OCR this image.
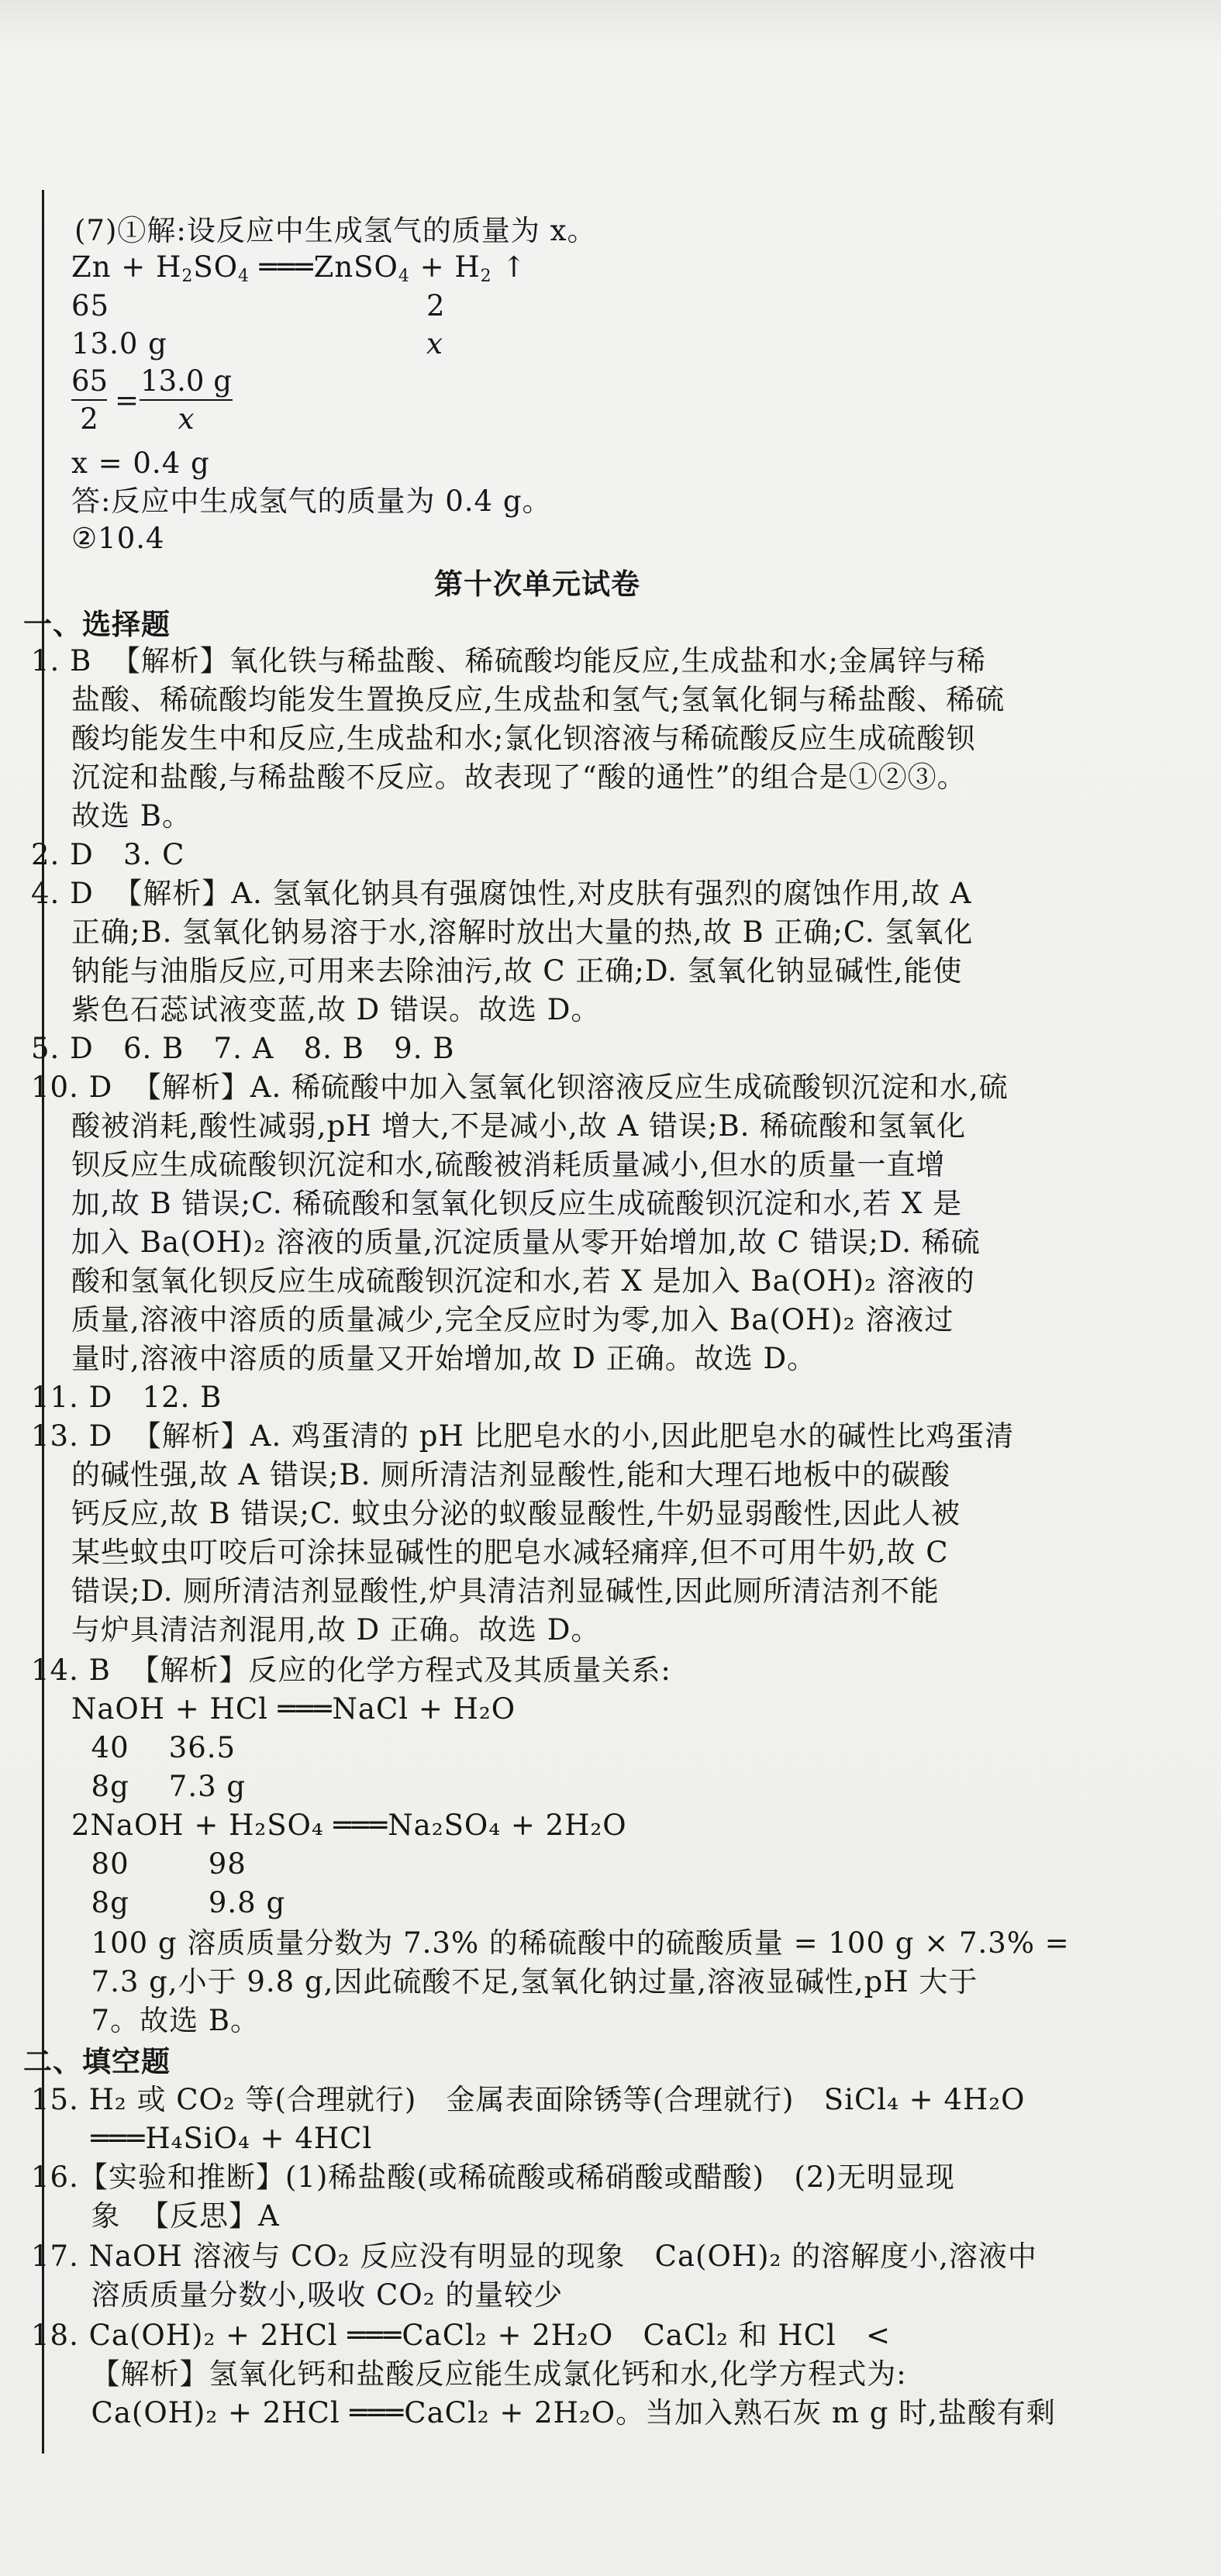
(7)①解:设反应中生成氢气的质量为 x。
$Zn + H_2SO_4$ ═══ZnSO$_4$ + $H_2$ ↑
65	2
13.0 g	x
65
2
=
13.0 g
x
x = 0.4 g
答:反应中生成氢气的质量为 0.4 g。
②10.4
第十次单元试卷
一、选择题
1. B  【解析】氧化铁与稀盐酸、稀硫酸均能反应,生成盐和水;金属锌与稀
盐酸、稀硫酸均能发生置换反应,生成盐和氢气;氢氧化铜与稀盐酸、稀硫
酸均能发生中和反应,生成盐和水;氯化钡溶液与稀硫酸反应生成硫酸钡
沉淀和盐酸,与稀盐酸不反应。故表现了“酸的通性”的组合是①②③。
故选 B。
2. D   3. C
4. D  【解析】A. 氢氧化钠具有强腐蚀性,对皮肤有强烈的腐蚀作用,故 A
正确;B. 氢氧化钠易溶于水,溶解时放出大量的热,故 B 正确;C. 氢氧化
钠能与油脂反应,可用来去除油污,故 C 正确;D. 氢氧化钠显碱性,能使
紫色石蕊试液变蓝,故 D 错误。故选 D。
5. D   6. B   7. A   8. B   9. B
10. D  【解析】A. 稀硫酸中加入氢氧化钡溶液反应生成硫酸钡沉淀和水,硫
酸被消耗,酸性减弱,pH 增大,不是减小,故 A 错误;B. 稀硫酸和氢氧化
钡反应生成硫酸钡沉淀和水,硫酸被消耗质量减小,但水的质量一直增
加,故 B 错误;C. 稀硫酸和氢氧化钡反应生成硫酸钡沉淀和水,若 X 是
加入 Ba(OH)₂ 溶液的质量,沉淀质量从零开始增加,故 C 错误;D. 稀硫
酸和氢氧化钡反应生成硫酸钡沉淀和水,若 X 是加入 Ba(OH)₂ 溶液的
质量,溶液中溶质的质量减少,完全反应时为零,加入 Ba(OH)₂ 溶液过
量时,溶液中溶质的质量又开始增加,故 D 正确。故选 D。
11. D   12. B
13. D  【解析】A. 鸡蛋清的 pH 比肥皂水的小,因此肥皂水的碱性比鸡蛋清
的碱性强,故 A 错误;B. 厕所清洁剂显酸性,能和大理石地板中的碳酸
钙反应,故 B 错误;C. 蚊虫分泌的蚁酸显酸性,牛奶显弱酸性,因此人被
某些蚊虫叮咬后可涂抹显碱性的肥皂水减轻痛痒,但不可用牛奶,故 C
错误;D. 厕所清洁剂显酸性,炉具清洁剂显碱性,因此厕所清洁剂不能
与炉具清洁剂混用,故 D 正确。故选 D。
14. B  【解析】反应的化学方程式及其质量关系:
NaOH + HCl ═══NaCl + H₂O
40    36.5
8g    7.3 g
2NaOH + H₂SO₄ ═══Na₂SO₄ + 2H₂O
80        98
8g        9.8 g
100 g 溶质质量分数为 7.3% 的稀硫酸中的硫酸质量 = 100 g × 7.3% =
7.3 g,小于 9.8 g,因此硫酸不足,氢氧化钠过量,溶液显碱性,pH 大于
7。故选 B。
二、填空题
15. H₂ 或 CO₂ 等(合理就行)   金属表面除锈等(合理就行)   SiCl₄ + 4H₂O
═══H₄SiO₄ + 4HCl
16.【实验和推断】(1)稀盐酸(或稀硫酸或稀硝酸或醋酸)   (2)无明显现
象  【反思】A
17. NaOH 溶液与 CO₂ 反应没有明显的现象   Ca(OH)₂ 的溶解度小,溶液中
溶质质量分数小,吸收 CO₂ 的量较少
18. Ca(OH)₂ + 2HCl ═══CaCl₂ + 2H₂O   CaCl₂ 和 HCl   <
【解析】氢氧化钙和盐酸反应能生成氯化钙和水,化学方程式为:
Ca(OH)₂ + 2HCl ═══CaCl₂ + 2H₂O。当加入熟石灰 m g 时,盐酸有剩
